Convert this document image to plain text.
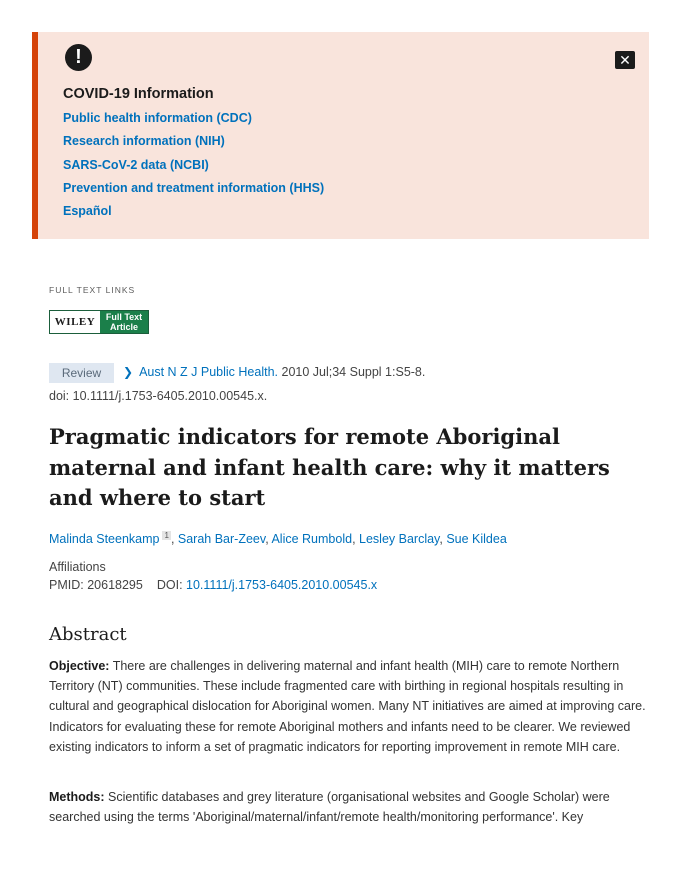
!	✕
COVID-19 Information
Public health information (CDC)
Research information (NIH)
SARS-CoV-2 data (NCBI)
Prevention and treatment information (HHS)
Español
FULL TEXT LINKS
WILEY	Full Text
Article
Review	❯ Aust N Z J Public Health. 2010 Jul;34 Suppl 1:S5-8.
doi: 10.1111/j.1753-6405.2010.00545.x.
Pragmatic indicators for remote Aboriginal maternal and infant health care: why it matters and where to start
Malinda Steenkamp $^1$ , Sarah Bar-Zeev, Alice Rumbold, Lesley Barclay, Sue Kildea
Affiliations
PMID: 20618295 DOI: 10.1111/j.1753-6405.2010.00545.x
Abstract

Objective: There are challenges in delivering maternal and infant health (MIH) care to remote Northern Territory (NT) communities. These include fragmented care with birthing in regional hospitals resulting in cultural and geographical dislocation for Aboriginal women. Many NT initiatives are aimed at improving care. Indicators for evaluating these for remote Aboriginal mothers and infants need to be clearer. We reviewed existing indicators to inform a set of pragmatic indicators for reporting improvement in remote MIH care.

Methods: Scientific databases and grey literature (organisational websites and Google Scholar) were searched using the terms 'Aboriginal/maternal/infant/remote health/monitoring performance'. Key
